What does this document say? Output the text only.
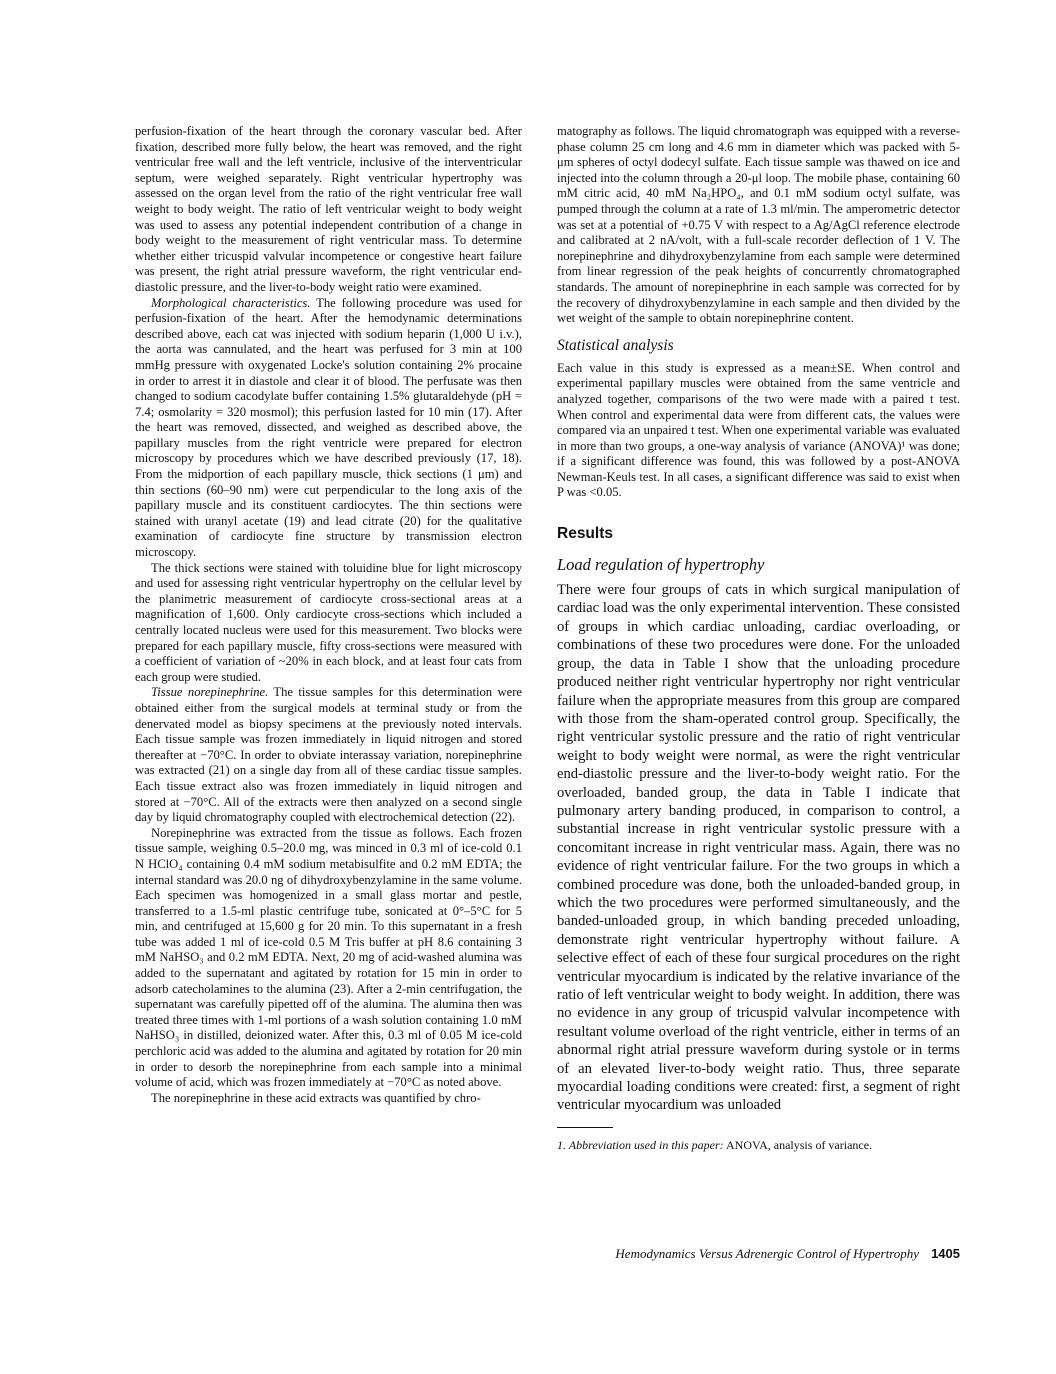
perfusion-fixation of the heart through the coronary vascular bed. After fixation, described more fully below, the heart was removed, and the right ventricular free wall and the left ventricle, inclusive of the interventricular septum, were weighed separately. Right ventricular hypertrophy was assessed on the organ level from the ratio of the right ventricular free wall weight to body weight. The ratio of left ventricular weight to body weight was used to assess any potential independent contribution of a change in body weight to the measurement of right ventricular mass. To determine whether either tricuspid valvular incompetence or congestive heart failure was present, the right atrial pressure waveform, the right ventricular end-diastolic pressure, and the liver-to-body weight ratio were examined.

Morphological characteristics. The following procedure was used for perfusion-fixation of the heart. After the hemodynamic determinations described above, each cat was injected with sodium heparin (1,000 U i.v.), the aorta was cannulated, and the heart was perfused for 3 min at 100 mmHg pressure with oxygenated Locke's solution containing 2% procaine in order to arrest it in diastole and clear it of blood. The perfusate was then changed to sodium cacodylate buffer containing 1.5% glutaraldehyde (pH = 7.4; osmolarity = 320 mosmol); this perfusion lasted for 10 min (17). After the heart was removed, dissected, and weighed as described above, the papillary muscles from the right ventricle were prepared for electron microscopy by procedures which we have described previously (17, 18). From the midportion of each papillary muscle, thick sections (1 μm) and thin sections (60–90 nm) were cut perpendicular to the long axis of the papillary muscle and its constituent cardiocytes. The thin sections were stained with uranyl acetate (19) and lead citrate (20) for the qualitative examination of cardiocyte fine structure by transmission electron microscopy.

The thick sections were stained with toluidine blue for light microscopy and used for assessing right ventricular hypertrophy on the cellular level by the planimetric measurement of cardiocyte cross-sectional areas at a magnification of 1,600. Only cardiocyte cross-sections which included a centrally located nucleus were used for this measurement. Two blocks were prepared for each papillary muscle, fifty cross-sections were measured with a coefficient of variation of ~20% in each block, and at least four cats from each group were studied.

Tissue norepinephrine. The tissue samples for this determination were obtained either from the surgical models at terminal study or from the denervated model as biopsy specimens at the previously noted intervals. Each tissue sample was frozen immediately in liquid nitrogen and stored thereafter at −70°C. In order to obviate interassay variation, norepinephrine was extracted (21) on a single day from all of these cardiac tissue samples. Each tissue extract also was frozen immediately in liquid nitrogen and stored at −70°C. All of the extracts were then analyzed on a second single day by liquid chromatography coupled with electrochemical detection (22).

Norepinephrine was extracted from the tissue as follows. Each frozen tissue sample, weighing 0.5–20.0 mg, was minced in 0.3 ml of ice-cold 0.1 N HClO₄ containing 0.4 mM sodium metabisulfite and 0.2 mM EDTA; the internal standard was 20.0 ng of dihydroxybenzylamine in the same volume. Each specimen was homogenized in a small glass mortar and pestle, transferred to a 1.5-ml plastic centrifuge tube, sonicated at 0°–5°C for 5 min, and centrifuged at 15,600 g for 20 min. To this supernatant in a fresh tube was added 1 ml of ice-cold 0.5 M Tris buffer at pH 8.6 containing 3 mM NaHSO₃ and 0.2 mM EDTA. Next, 20 mg of acid-washed alumina was added to the supernatant and agitated by rotation for 15 min in order to adsorb catecholamines to the alumina (23). After a 2-min centrifugation, the supernatant was carefully pipetted off of the alumina. The alumina then was treated three times with 1-ml portions of a wash solution containing 1.0 mM NaHSO₃ in distilled, deionized water. After this, 0.3 ml of 0.05 M ice-cold perchloric acid was added to the alumina and agitated by rotation for 20 min in order to desorb the norepinephrine from each sample into a minimal volume of acid, which was frozen immediately at −70°C as noted above.

The norepinephrine in these acid extracts was quantified by chro-

matography as follows. The liquid chromatograph was equipped with a reverse-phase column 25 cm long and 4.6 mm in diameter which was packed with 5-μm spheres of octyl dodecyl sulfate. Each tissue sample was thawed on ice and injected into the column through a 20-μl loop. The mobile phase, containing 60 mM citric acid, 40 mM Na₂HPO₄, and 0.1 mM sodium octyl sulfate, was pumped through the column at a rate of 1.3 ml/min. The amperometric detector was set at a potential of +0.75 V with respect to a Ag/AgCl reference electrode and calibrated at 2 nA/volt, with a full-scale recorder deflection of 1 V. The norepinephrine and dihydroxybenzylamine from each sample were determined from linear regression of the peak heights of concurrently chromatographed standards. The amount of norepinephrine in each sample was corrected for by the recovery of dihydroxybenzylamine in each sample and then divided by the wet weight of the sample to obtain norepinephrine content.

Statistical analysis

Each value in this study is expressed as a mean±SE. When control and experimental papillary muscles were obtained from the same ventricle and analyzed together, comparisons of the two were made with a paired t test. When control and experimental data were from different cats, the values were compared via an unpaired t test. When one experimental variable was evaluated in more than two groups, a one-way analysis of variance (ANOVA)¹ was done; if a significant difference was found, this was followed by a post-ANOVA Newman-Keuls test. In all cases, a significant difference was said to exist when P was <0.05.

Results
Load regulation of hypertrophy

There were four groups of cats in which surgical manipulation of cardiac load was the only experimental intervention. These consisted of groups in which cardiac unloading, cardiac overloading, or combinations of these two procedures were done. For the unloaded group, the data in Table I show that the unloading procedure produced neither right ventricular hypertrophy nor right ventricular failure when the appropriate measures from this group are compared with those from the sham-operated control group. Specifically, the right ventricular systolic pressure and the ratio of right ventricular weight to body weight were normal, as were the right ventricular end-diastolic pressure and the liver-to-body weight ratio. For the overloaded, banded group, the data in Table I indicate that pulmonary artery banding produced, in comparison to control, a substantial increase in right ventricular systolic pressure with a concomitant increase in right ventricular mass. Again, there was no evidence of right ventricular failure. For the two groups in which a combined procedure was done, both the unloaded-banded group, in which the two procedures were performed simultaneously, and the banded-unloaded group, in which banding preceded unloading, demonstrate right ventricular hypertrophy without failure. A selective effect of each of these four surgical procedures on the right ventricular myocardium is indicated by the relative invariance of the ratio of left ventricular weight to body weight. In addition, there was no evidence in any group of tricuspid valvular incompetence with resultant volume overload of the right ventricle, either in terms of an abnormal right atrial pressure waveform during systole or in terms of an elevated liver-to-body weight ratio. Thus, three separate myocardial loading conditions were created: first, a segment of right ventricular myocardium was unloaded

1. Abbreviation used in this paper: ANOVA, analysis of variance.

Hemodynamics Versus Adrenergic Control of Hypertrophy 1405
